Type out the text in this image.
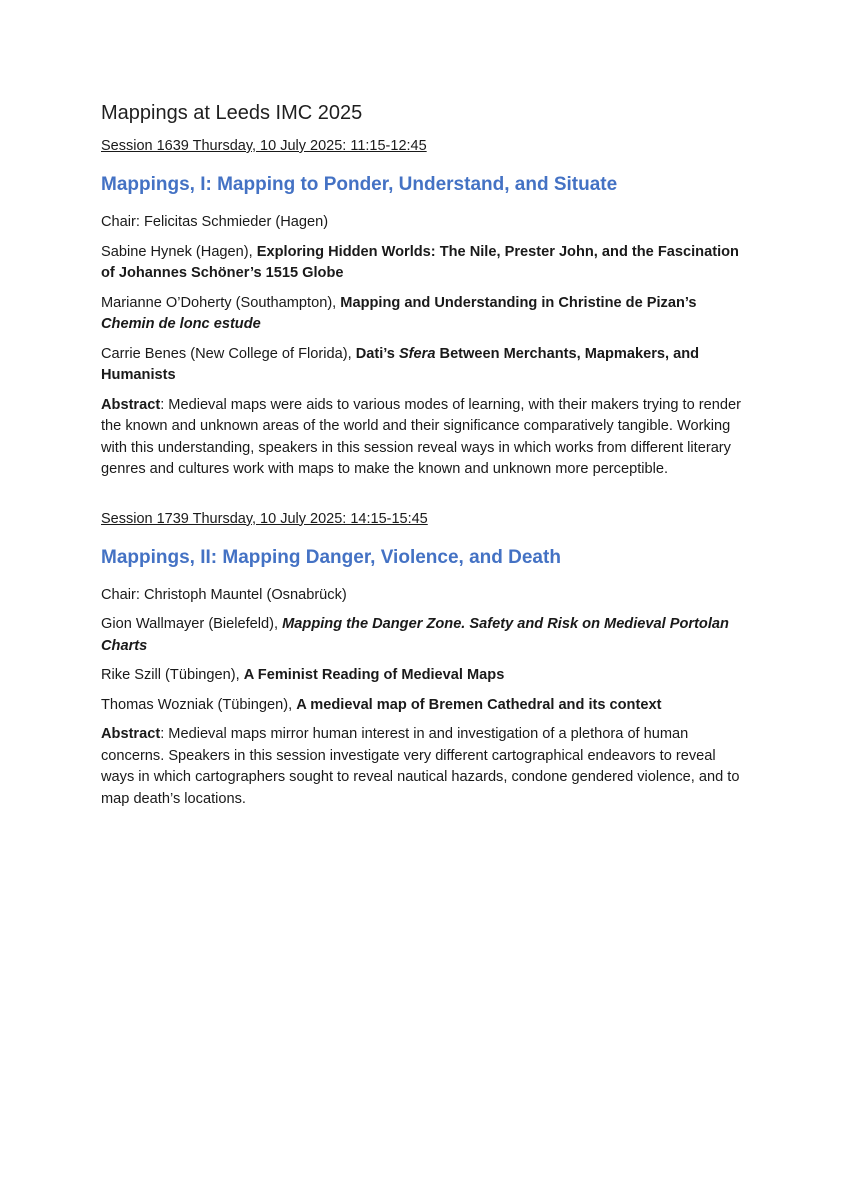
Mappings at Leeds IMC 2025
Session 1639 Thursday, 10 July 2025: 11:15-12:45
Mappings, I: Mapping to Ponder, Understand, and Situate

Chair: Felicitas Schmieder (Hagen)

Sabine Hynek (Hagen), Exploring Hidden Worlds: The Nile, Prester John, and the Fascination of Johannes Schöner’s 1515 Globe

Marianne O’Doherty (Southampton), Mapping and Understanding in Christine de Pizan’s Chemin de lonc estude

Carrie Benes (New College of Florida), Dati’s Sfera Between Merchants, Mapmakers, and Humanists

Abstract: Medieval maps were aids to various modes of learning, with their makers trying to render the known and unknown areas of the world and their significance comparatively tangible. Working with this understanding, speakers in this session reveal ways in which works from different literary genres and cultures work with maps to make the known and unknown more perceptible.

Session 1739 Thursday, 10 July 2025: 14:15-15:45
Mappings, II: Mapping Danger, Violence, and Death

Chair: Christoph Mauntel (Osnabrück)

Gion Wallmayer (Bielefeld), Mapping the Danger Zone. Safety and Risk on Medieval Portolan Charts

Rike Szill (Tübingen), A Feminist Reading of Medieval Maps

Thomas Wozniak (Tübingen), A medieval map of Bremen Cathedral and its context

Abstract: Medieval maps mirror human interest in and investigation of a plethora of human concerns. Speakers in this session investigate very different cartographical endeavors to reveal ways in which cartographers sought to reveal nautical hazards, condone gendered violence, and to map death’s locations.
